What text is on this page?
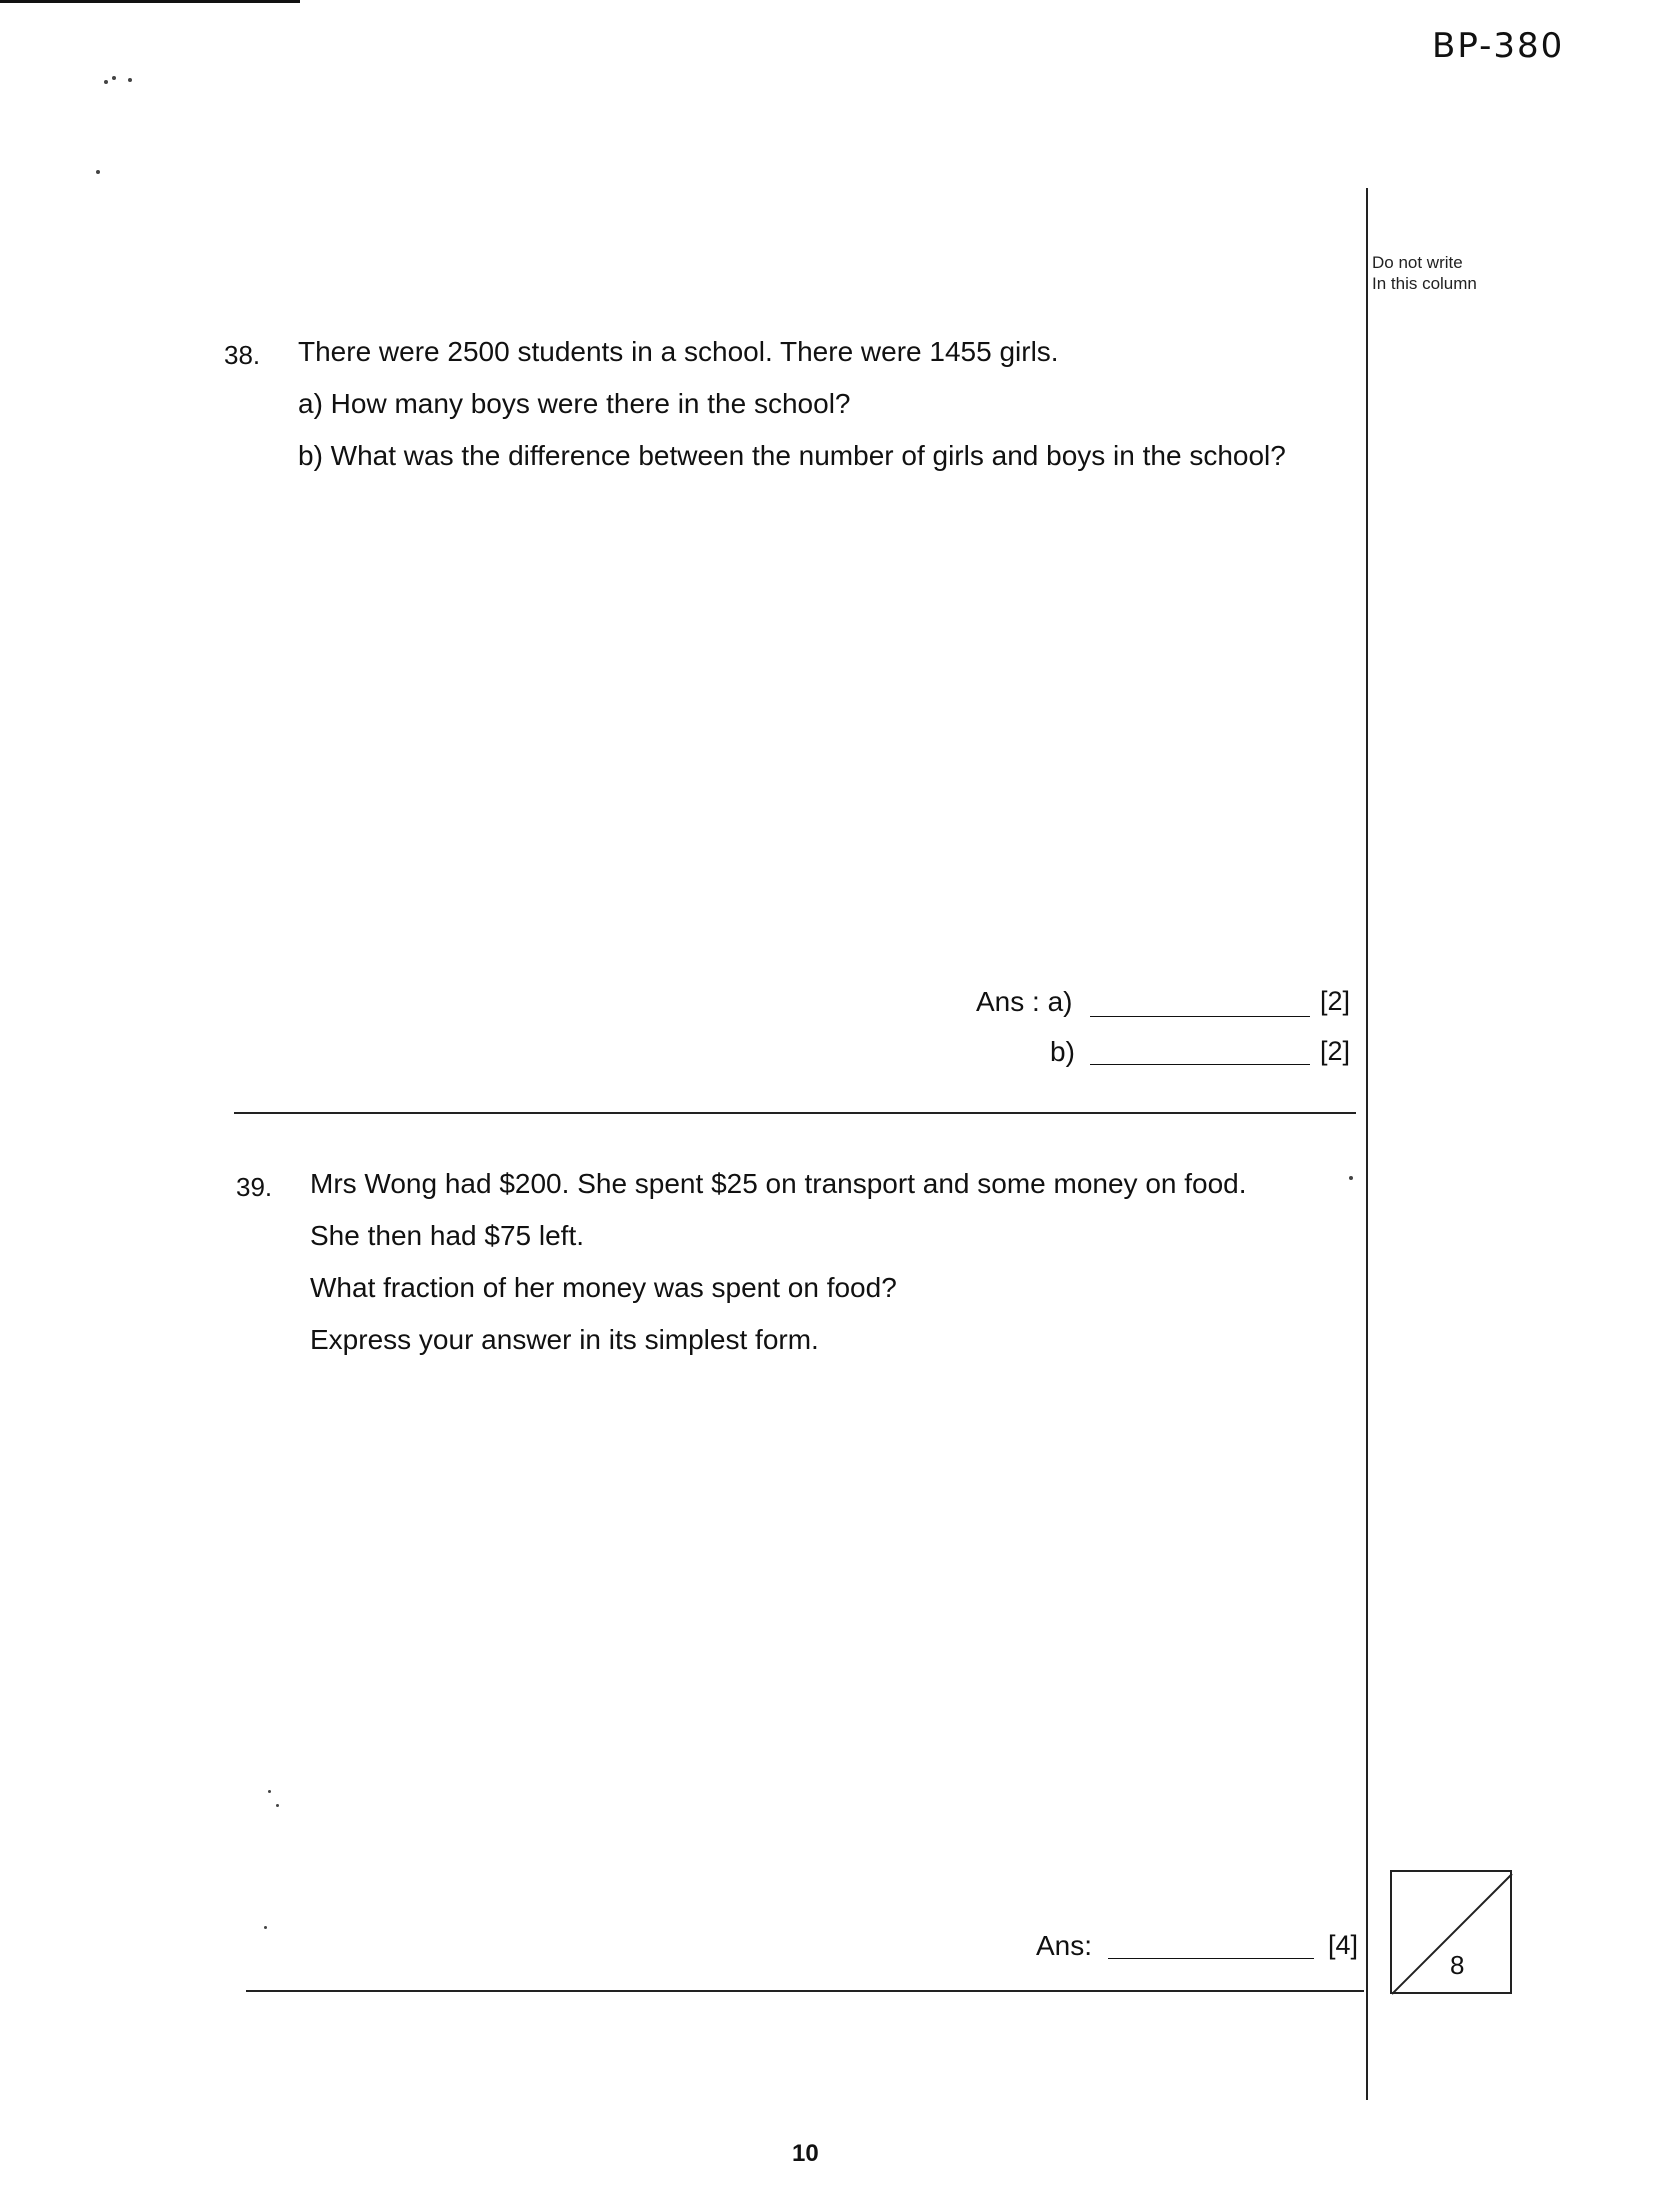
BP-380
Do not write
In this column
38. There were 2500 students in a school. There were 1455 girls.
a) How many boys were there in the school?
b) What was the difference between the number of girls and boys in the school?
Ans : a)	[2]
b)	[2]
39. Mrs Wong had $200. She spent $25 on transport and some money on food.
She then had $75 left.
What fraction of her money was spent on food?
Express your answer in its simplest form.
Ans:	[4]
8
10
